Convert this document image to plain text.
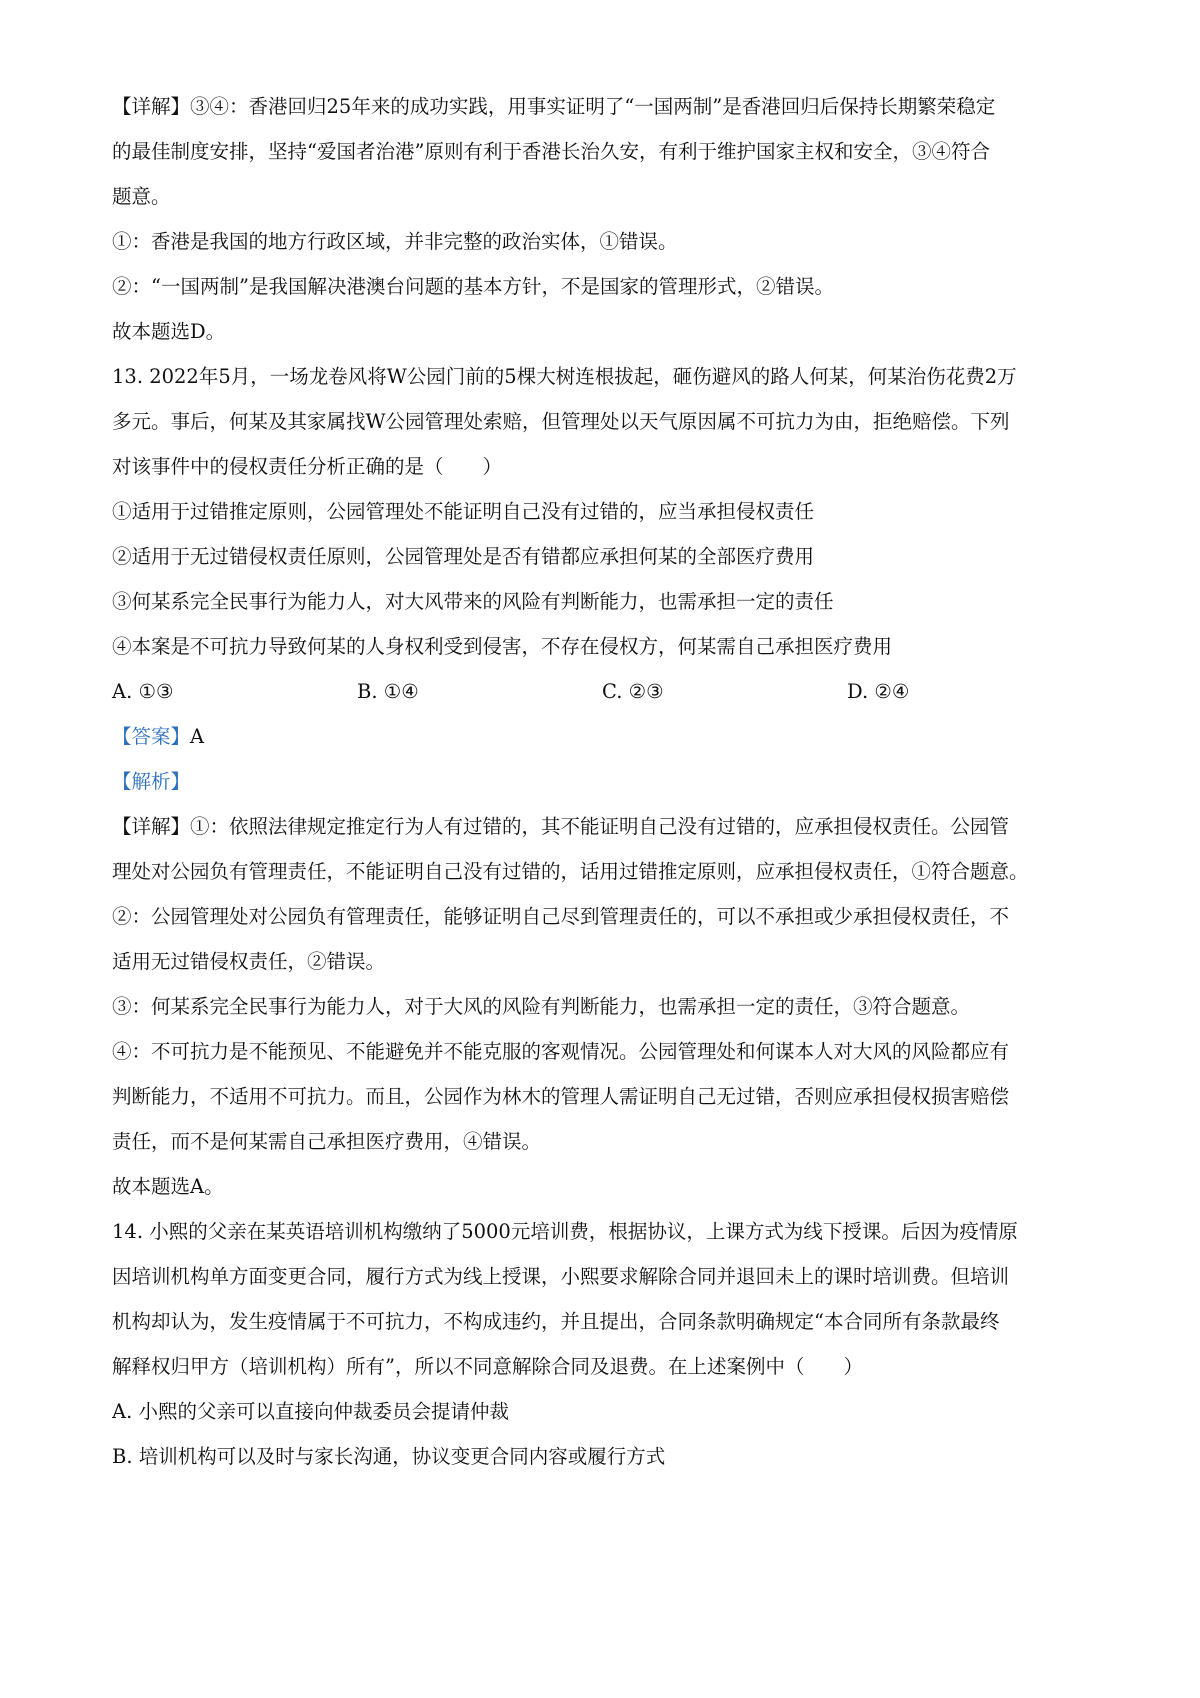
【详解】③④：香港回归25年来的成功实践，用事实证明了“一国两制”是香港回归后保持长期繁荣稳定
的最佳制度安排，坚持“爱国者治港”原则有利于香港长治久安，有利于维护国家主权和安全，③④符合
题意。
①：香港是我国的地方行政区域，并非完整的政治实体，①错误。
②：“一国两制”是我国解决港澳台问题的基本方针，不是国家的管理形式，②错误。
故本题选D。
13. 2022年5月，一场龙卷风将W公园门前的5棵大树连根拔起，砸伤避风的路人何某，何某治伤花费2万
多元。事后，何某及其家属找W公园管理处索赔，但管理处以天气原因属不可抗力为由，拒绝赔偿。下列
对该事件中的侵权责任分析正确的是（　　）
①适用于过错推定原则，公园管理处不能证明自己没有过错的，应当承担侵权责任
②适用于无过错侵权责任原则，公园管理处是否有错都应承担何某的全部医疗费用
③何某系完全民事行为能力人，对大风带来的风险有判断能力，也需承担一定的责任
④本案是不可抗力导致何某的人身权利受到侵害，不存在侵权方，何某需自己承担医疗费用
A. ①③	B. ①④	C. ②③	D. ②④
【答案】A
【解析】
【详解】①：依照法律规定推定行为人有过错的，其不能证明自己没有过错的，应承担侵权责任。公园管
理处对公园负有管理责任，不能证明自己没有过错的，话用过错推定原则，应承担侵权责任，①符合题意。
②：公园管理处对公园负有管理责任，能够证明自己尽到管理责任的，可以不承担或少承担侵权责任，不
适用无过错侵权责任，②错误。
③：何某系完全民事行为能力人，对于大风的风险有判断能力，也需承担一定的责任，③符合题意。
④：不可抗力是不能预见、不能避免并不能克服的客观情况。公园管理处和何谋本人对大风的风险都应有
判断能力，不适用不可抗力。而且，公园作为林木的管理人需证明自己无过错，否则应承担侵权损害赔偿
责任，而不是何某需自己承担医疗费用，④错误。
故本题选A。
14. 小熙的父亲在某英语培训机构缴纳了5000元培训费，根据协议，上课方式为线下授课。后因为疫情原
因培训机构单方面变更合同，履行方式为线上授课，小熙要求解除合同并退回未上的课时培训费。但培训
机构却认为，发生疫情属于不可抗力，不构成违约，并且提出，合同条款明确规定“本合同所有条款最终
解释权归甲方（培训机构）所有”，所以不同意解除合同及退费。在上述案例中（　　）
A. 小熙的父亲可以直接向仲裁委员会提请仲裁
B. 培训机构可以及时与家长沟通，协议变更合同内容或履行方式
